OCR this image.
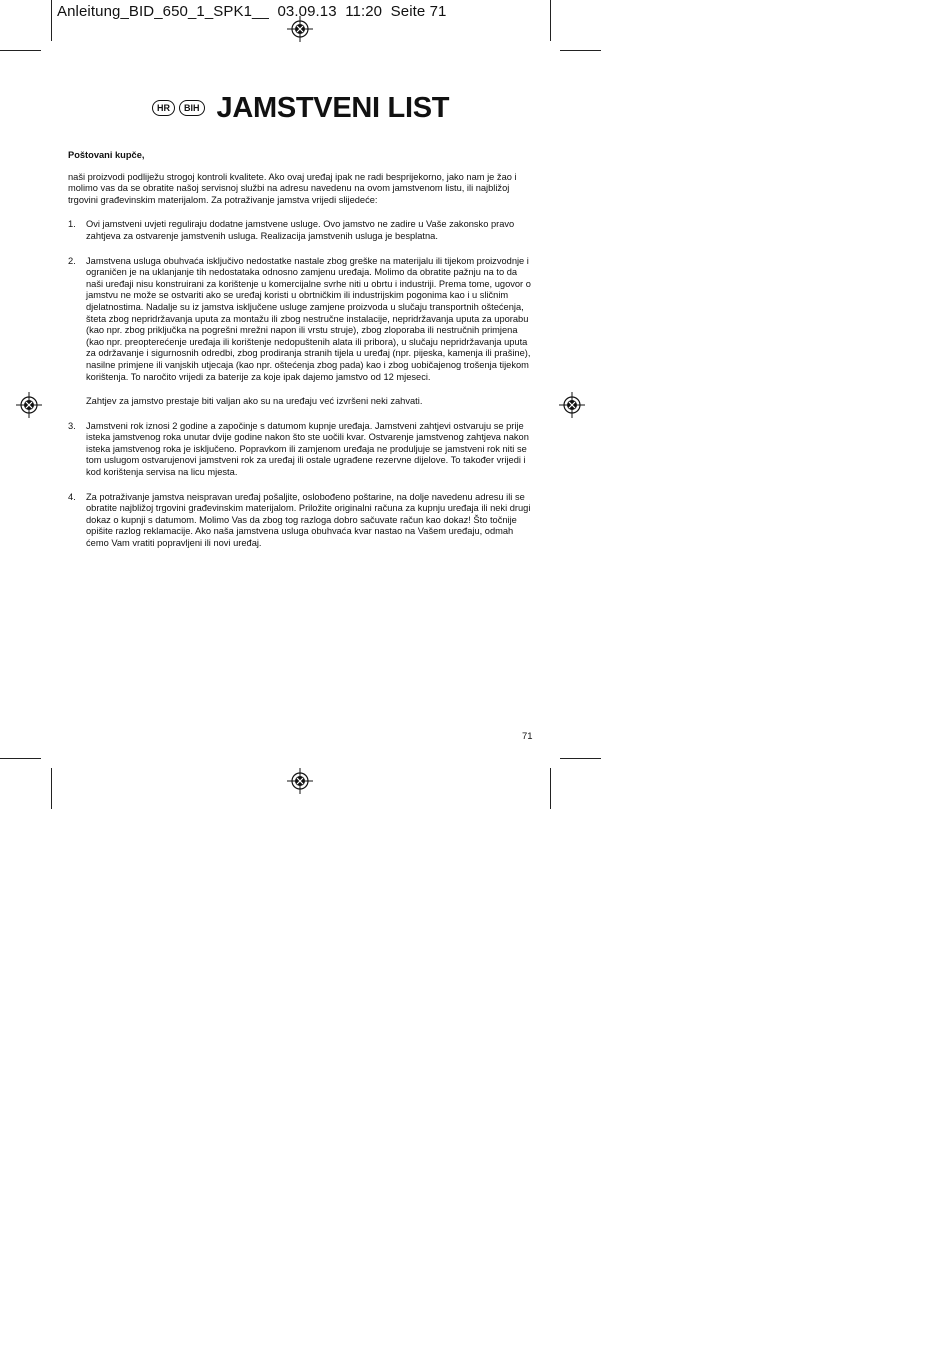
Anleitung_BID_650_1_SPK1__  03.09.13  11:20  Seite 71
HR	BIH JAMSTVENI LIST

Poštovani kupče,

naši proizvodi podliježu strogoj kontroli kvalitete. Ako ovaj uređaj ipak ne radi besprijekorno, jako nam je žao i molimo vas da se obratite našoj servisnoj službi na adresu navedenu na ovom jamstvenom listu, ili najbližoj trgovini građevinskim materijalom. Za potraživanje jamstva vrijedi slijedeće:

1. Ovi jamstveni uvjeti reguliraju dodatne jamstvene usluge. Ovo jamstvo ne zadire u Vaše zakonsko pravo zahtjeva za ostvarenje jamstvenih usluga. Realizacija jamstvenih usluga je besplatna.

2. Jamstvena usluga obuhvaća isključivo nedostatke nastale zbog greške na materijalu ili tijekom proizvodnje i ograničen je na uklanjanje tih nedostataka odnosno zamjenu uređaja. Molimo da obratite pažnju na to da naši uređaji nisu konstruirani za korištenje u komercijalne svrhe niti u obrtu i industriji. Prema tome, ugovor o jamstvu ne može se ostvariti ako se uređaj koristi u obrtničkim ili industrijskim pogonima kao i u sličnim djelatnostima. Nadalje su iz jamstva isključene usluge zamjene proizvoda u slučaju transportnih oštećenja, šteta zbog nepridržavanja uputa za montažu ili zbog nestručne instalacije, nepridržavanja uputa za uporabu (kao npr. zbog priključka na pogrešni mrežni napon ili vrstu struje), zbog zloporaba ili nestručnih primjena (kao npr. preopterećenje uređaja ili korištenje nedopuštenih alata ili pribora), u slučaju nepridržavanja uputa za održavanje i sigurnosnih odredbi, zbog prodiranja stranih tijela u uređaj (npr. pijeska, kamenja ili prašine), nasilne primjene ili vanjskih utjecaja (kao npr. oštećenja zbog pada) kao i zbog uobičajenog trošenja tijekom korištenja. To naročito vrijedi za baterije za koje ipak dajemo jamstvo od 12 mjeseci.

Zahtjev za jamstvo prestaje biti valjan ako su na uređaju već izvršeni neki zahvati.

3. Jamstveni rok iznosi 2 godine a započinje s datumom kupnje uređaja. Jamstveni zahtjevi ostvaruju se prije isteka jamstvenog roka unutar dvije godine nakon što ste uočili kvar. Ostvarenje jamstvenog zahtjeva nakon isteka jamstvenog roka je isključeno. Popravkom ili zamjenom uređaja ne produljuje se jamstveni rok niti se tom uslugom ostvarujenovi jamstveni rok za uređaj ili ostale ugrađene rezervne dijelove. To također vrijedi i kod korištenja servisa na licu mjesta.

4. Za potraživanje jamstva neispravan uređaj pošaljite, oslobođeno poštarine, na dolje navedenu adresu ili se obratite najbližoj trgovini građevinskim materijalom. Priložite originalni računa za kupnju uređaja ili neki drugi dokaz o kupnji s datumom. Molimo Vas da zbog tog razloga dobro sačuvate račun kao dokaz! Što točnije opišite razlog reklamacije. Ako naša jamstvena usluga obuhvaća kvar nastao na Vašem uređaju, odmah ćemo Vam vratiti popravljeni ili novi uređaj.

71
